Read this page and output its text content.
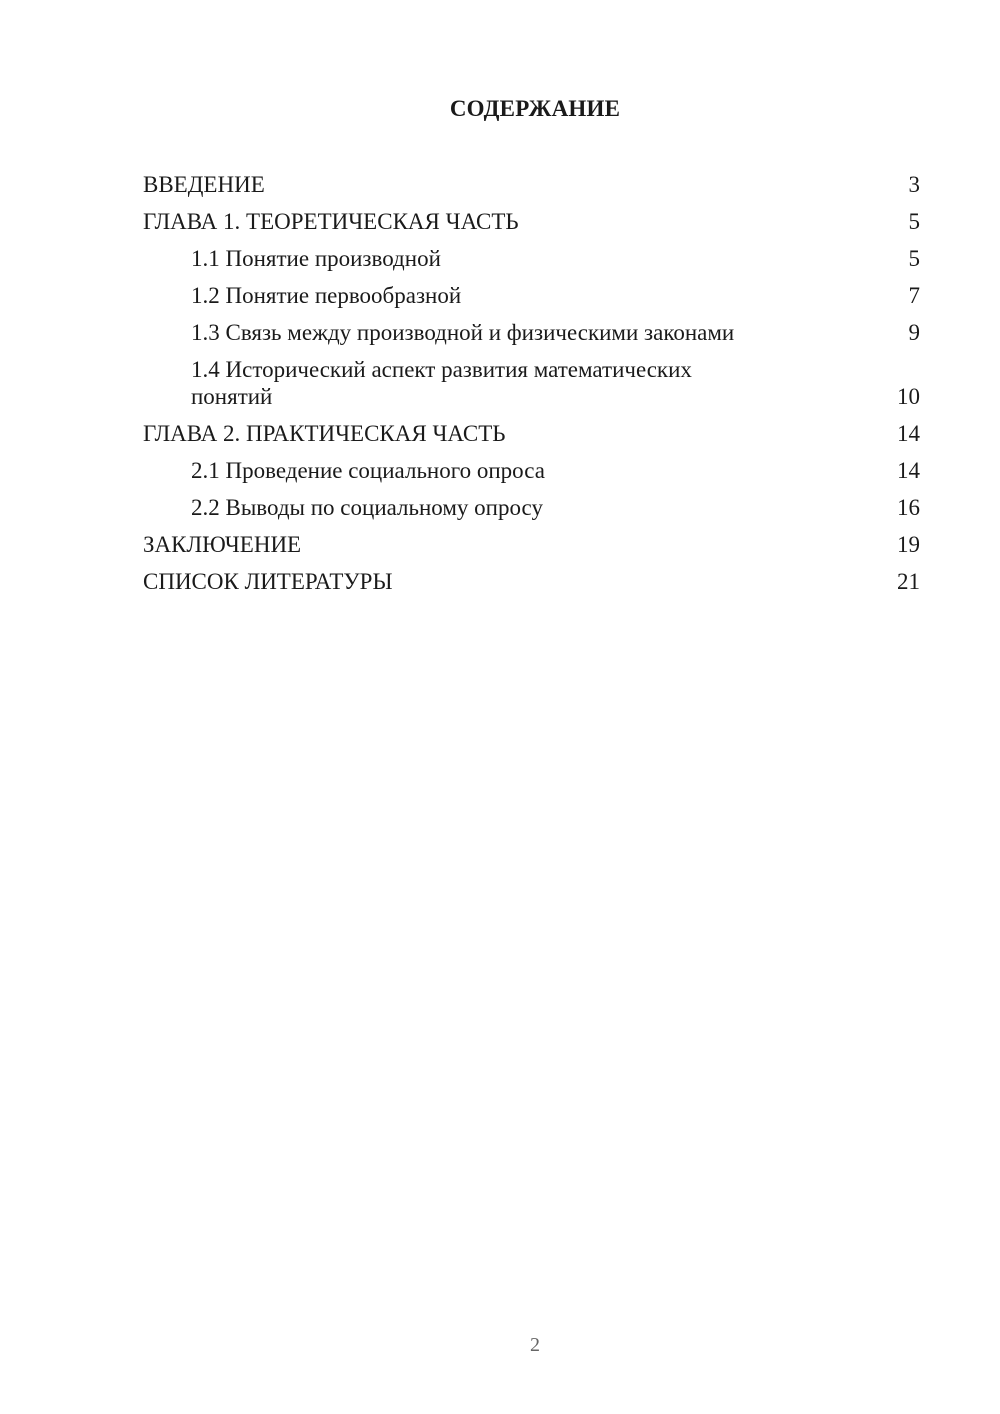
СОДЕРЖАНИЕ
ВВЕДЕНИЕ	3
ГЛАВА 1. ТЕОРЕТИЧЕСКАЯ ЧАСТЬ	5
1.1 Понятие производной	5
1.2 Понятие первообразной	7
1.3 Связь между производной и физическими законами	9
1.4 Исторический аспект развития математических понятий	10
ГЛАВА 2. ПРАКТИЧЕСКАЯ ЧАСТЬ	14
2.1 Проведение социального опроса	14
2.2 Выводы по социальному опросу	16
ЗАКЛЮЧЕНИЕ	19
СПИСОК ЛИТЕРАТУРЫ	21
2
